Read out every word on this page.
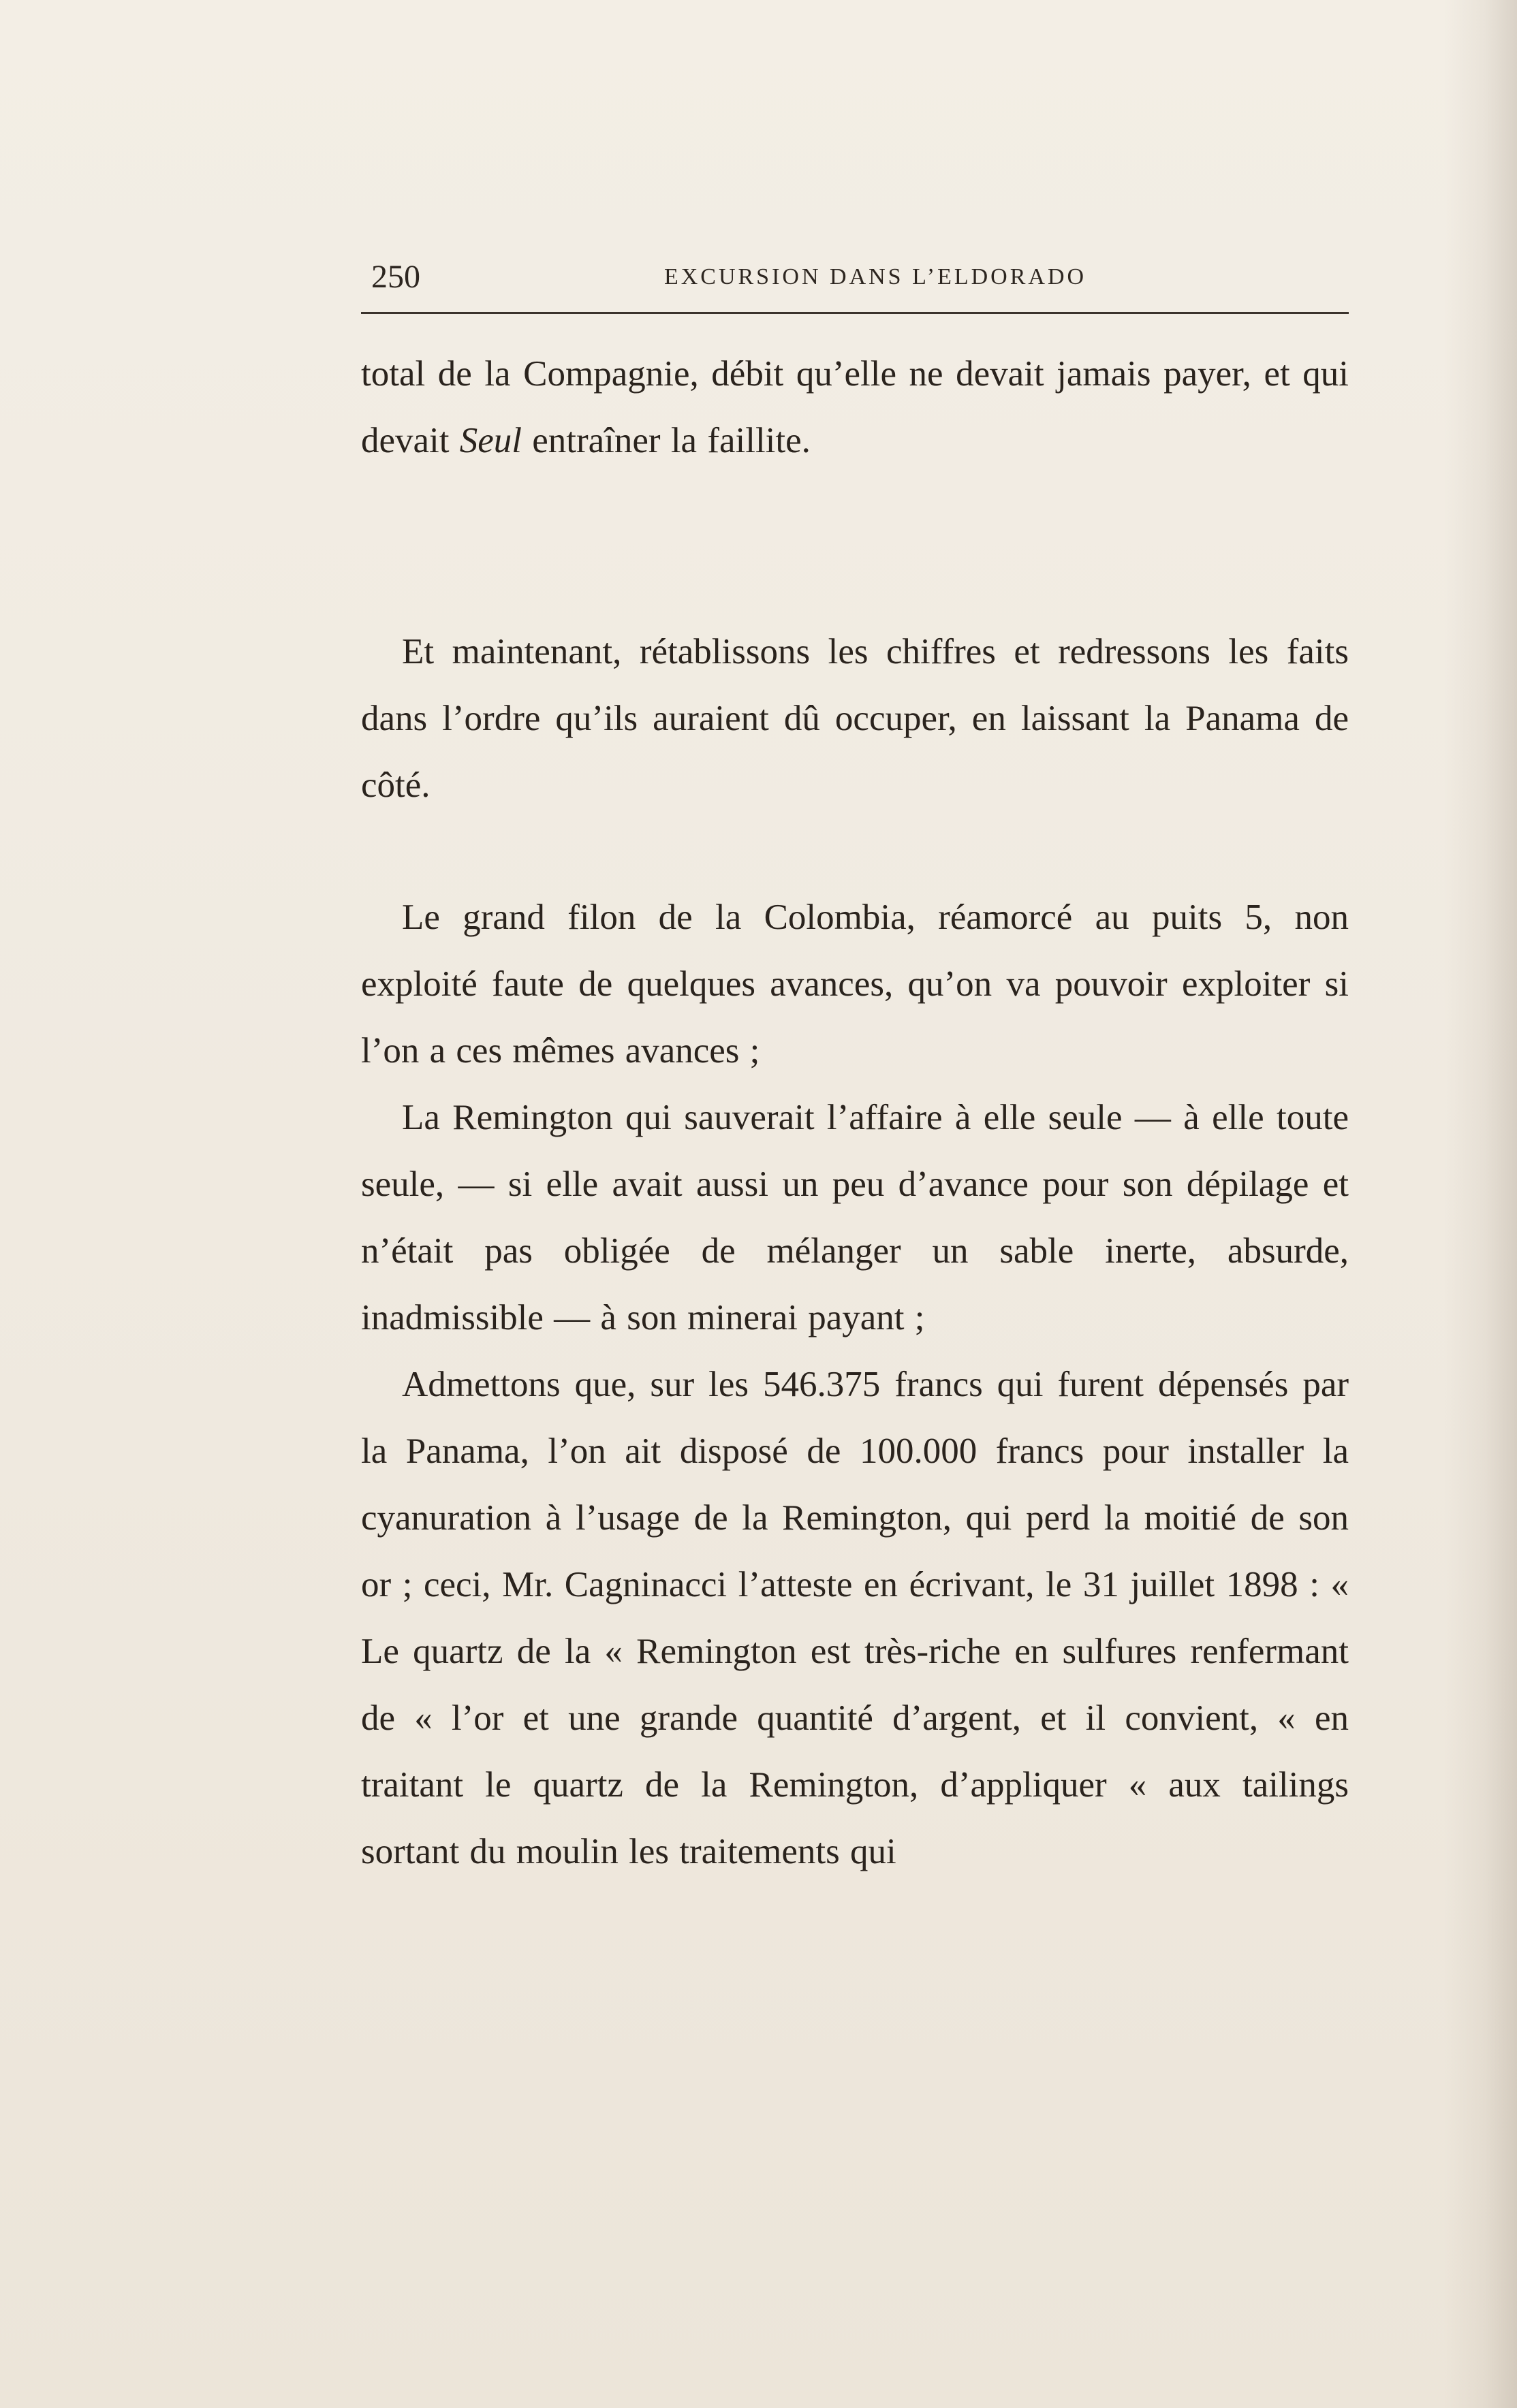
250	EXCURSION DANS L’ELDORADO

total de la Compagnie, débit qu’elle ne devait jamais payer, et qui devait Seul entraîner la faillite.

Et maintenant, rétablissons les chiffres et redressons les faits dans l’ordre qu’ils auraient dû occuper, en laissant la Panama de côté.

Le grand filon de la Colombia, réamorcé au puits 5, non exploité faute de quelques avances, qu’on va pouvoir exploiter si l’on a ces mêmes avances ;

La Remington qui sauverait l’affaire à elle seule — à elle toute seule, — si elle avait aussi un peu d’avance pour son dépilage et n’était pas obligée de mélanger un sable inerte, absurde, inadmissible — à son minerai payant ;

Admettons que, sur les 546.375 francs qui furent dépensés par la Panama, l’on ait disposé de 100.000 francs pour installer la cyanuration à l’usage de la Remington, qui perd la moitié de son or ; ceci, Mr. Cagninacci l’atteste en écrivant, le 31 juillet 1898 : « Le quartz de la « Remington est très-riche en sulfures renfermant de « l’or et une grande quantité d’argent, et il convient, « en traitant le quartz de la Remington, d’appliquer « aux tailings sortant du moulin les traitements qui
